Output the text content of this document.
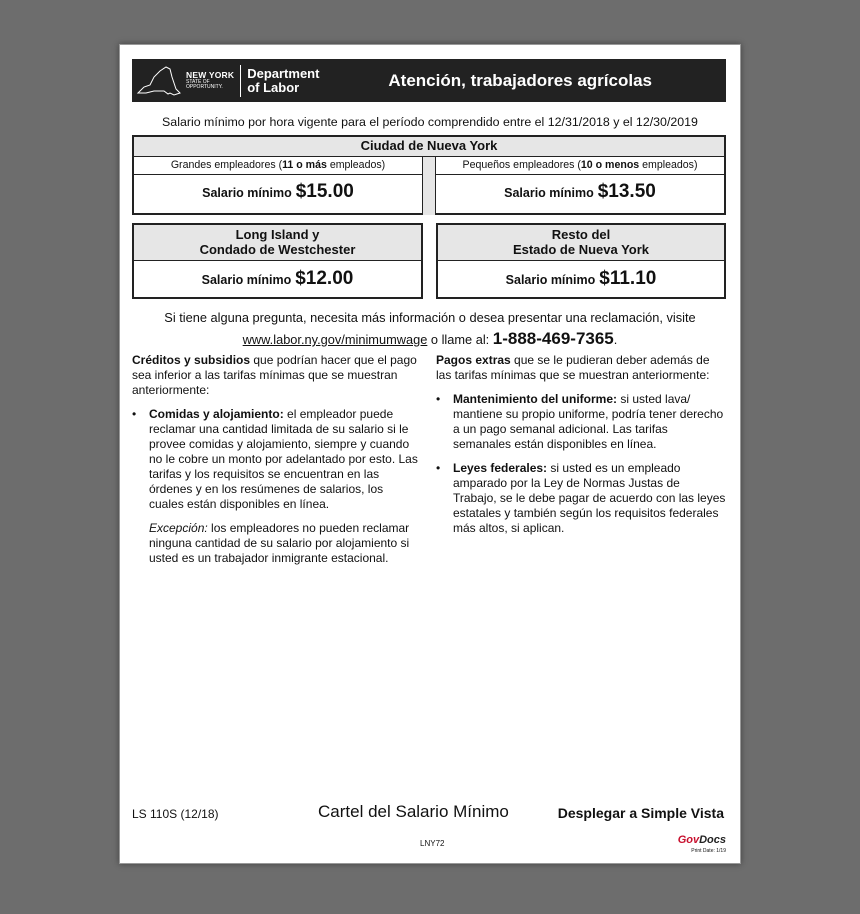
NEW YORK
STATE OF
OPPORTUNITY.
Department
of Labor	Atención, trabajadores agrícolas
Salario mínimo por hora vigente para el período comprendido entre el 12/31/2018 y el 12/30/2019
Ciudad de Nueva York
Grandes empleadores (11 o más empleados)
Salario mínimo $15.00
Pequeños empleadores (10 o menos empleados)
Salario mínimo $13.50
Long Island y
Condado de Westchester
Salario mínimo $12.00
Resto del
Estado de Nueva York
Salario mínimo $11.10
Si tiene alguna pregunta, necesita más información o desea presentar una reclamación, visite
www.labor.ny.gov/minimumwage o llame al: 1-888-469-7365.

Créditos y subsidios que podrían hacer que el pago sea inferior a las tarifas mínimas que se muestran anteriormente:

• Comidas y alojamiento: el empleador puede reclamar una cantidad limitada de su salario si le provee comidas y alojamiento, siempre y cuando no le cobre un monto por adelantado por esto. Las tarifas y los requisitos se encuentran en las órdenes y en los resúmenes de salarios, los cuales están disponibles en línea.

Excepción: los empleadores no pueden reclamar ninguna cantidad de su salario por alojamiento si usted es un trabajador inmigrante estacional.

Pagos extras que se le pudieran deber además de las tarifas mínimas que se muestran anteriormente:

• Mantenimiento del uniforme: si usted lava/ mantiene su propio uniforme, podría tener derecho a un pago semanal adicional. Las tarifas semanales están disponibles en línea.
• Leyes federales: si usted es un empleado amparado por la Ley de Normas Justas de Trabajo, se le debe pagar de acuerdo con las leyes estatales y también según los requisitos federales más altos, si aplican.
LS 110S (12/18)	Cartel del Salario Mínimo	Desplegar a Simple Vista
LNY72	GovDocs
Print Date: 1/19
